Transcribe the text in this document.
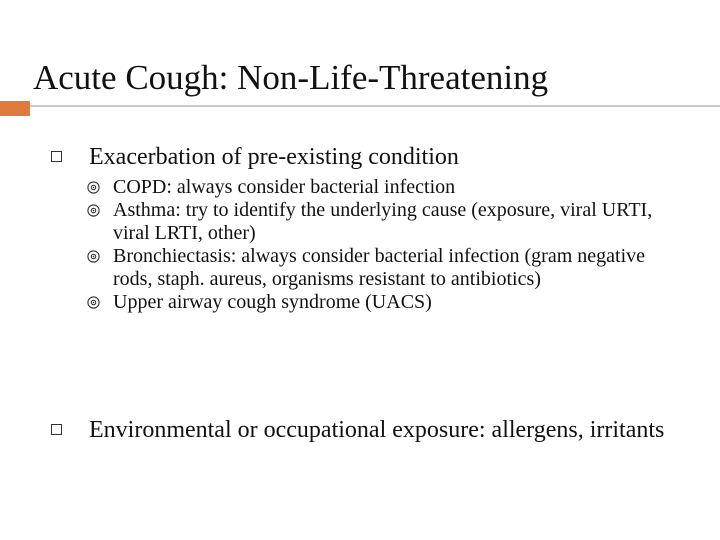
Acute Cough: Non-Life-Threatening
Exacerbation of pre-existing condition
COPD: always consider bacterial infection
Asthma: try to identify the underlying cause (exposure, viral URTI, viral LRTI, other)
Bronchiectasis: always consider bacterial infection (gram negative rods, staph. aureus, organisms resistant to antibiotics)
Upper airway cough syndrome (UACS)
Environmental or occupational exposure: allergens, irritants
